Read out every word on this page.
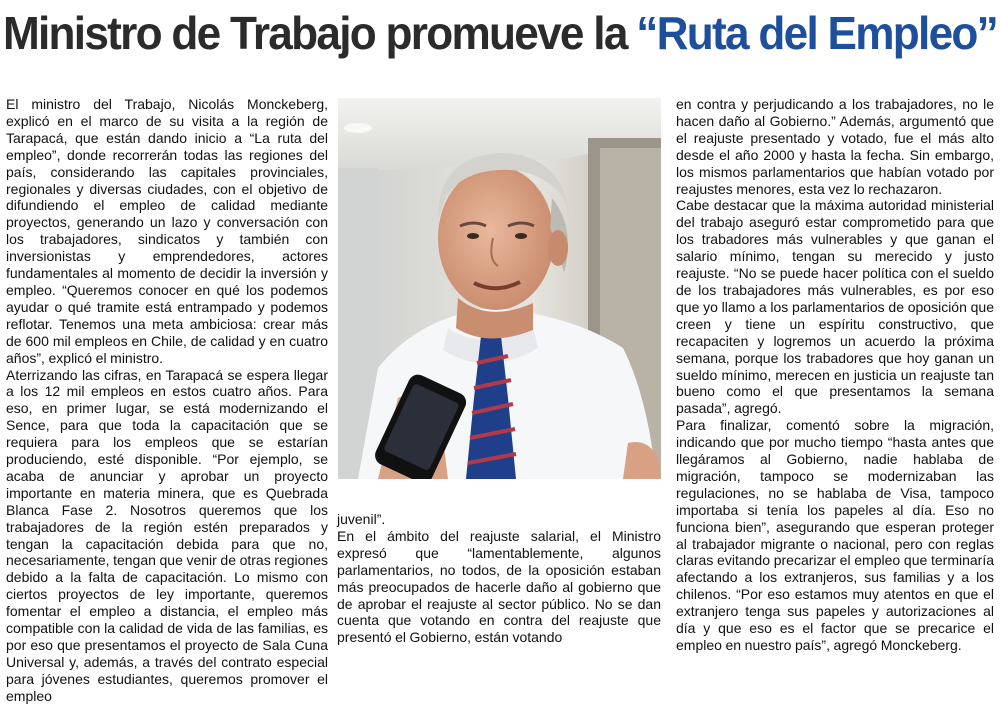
Ministro de Trabajo promueve la “Ruta del Empleo”

El ministro del Trabajo, Nicolás Monckeberg, explicó en el marco de su visita a la región de Tarapacá, que están dando inicio a “La ruta del empleo”, donde recorrerán todas las regiones del país, considerando las capitales provinciales, regionales y diversas ciudades, con el objetivo de difundiendo el empleo de calidad mediante proyectos, generando un lazo y conversación con los trabajadores, sindicatos y también con inversionistas y emprendedores, actores fundamentales al momento de decidir la inversión y empleo. “Queremos conocer en qué los podemos ayudar o qué tramite está entrampado y podemos reflotar. Tenemos una meta ambiciosa: crear más de 600 mil empleos en Chile, de calidad y en cuatro años”, explicó el ministro.

Aterrizando las cifras, en Tarapacá se espera llegar a los 12 mil empleos en estos cuatro años. Para eso, en primer lugar, se está modernizando el Sence, para que toda la capacitación que se requiera para los empleos que se estarían produciendo, esté disponible. “Por ejemplo, se acaba de anunciar y aprobar un proyecto importante en materia minera, que es Quebrada Blanca Fase 2. Nosotros queremos que los trabajadores de la región estén preparados y tengan la capacitación debida para que no, necesariamente, tengan que venir de otras regiones debido a la falta de capacitación. Lo mismo con ciertos proyectos de ley importante, queremos fomentar el empleo a distancia, el empleo más compatible con la calidad de vida de las familias, es por eso que presentamos el proyecto de Sala Cuna Universal y, además, a través del contrato especial para jóvenes estudiantes, queremos promover el empleo

juvenil”.

En el ámbito del reajuste salarial, el Ministro expresó que “lamentablemente, algunos parlamentarios, no todos, de la oposición estaban más preocupados de hacerle daño al gobierno que de aprobar el reajuste al sector público. No se dan cuenta que votando en contra del reajuste que presentó el Gobierno, están votando

en contra y perjudicando a los trabajadores, no le hacen daño al Gobierno.” Además, argumentó que el reajuste presentado y votado, fue el más alto desde el año 2000 y hasta la fecha. Sin embargo, los mismos parlamentarios que habían votado por reajustes menores, esta vez lo rechazaron.

Cabe destacar que la máxima autoridad ministerial del trabajo aseguró estar comprometido para que los trabadores más vulnerables y que ganan el salario mínimo, tengan su merecido y justo reajuste. “No se puede hacer política con el sueldo de los trabajadores más vulnerables, es por eso que yo llamo a los parlamentarios de oposición que creen y tiene un espíritu constructivo, que recapaciten y logremos un acuerdo la próxima semana, porque los trabadores que hoy ganan un sueldo mínimo, merecen en justicia un reajuste tan bueno como el que presentamos la semana pasada”, agregó.

Para finalizar, comentó sobre la migración, indicando que por mucho tiempo “hasta antes que llegáramos al Gobierno, nadie hablaba de migración, tampoco se modernizaban las regulaciones, no se hablaba de Visa, tampoco importaba si tenía los papeles al día. Eso no funciona bien”, asegurando que esperan proteger al trabajador migrante o nacional, pero con reglas claras evitando precarizar el empleo que terminaría afectando a los extranjeros, sus familias y a los chilenos. “Por eso estamos muy atentos en que el extranjero tenga sus papeles y autorizaciones al día y que eso es el factor que se precarice el empleo en nuestro país”, agregó Monckeberg.
